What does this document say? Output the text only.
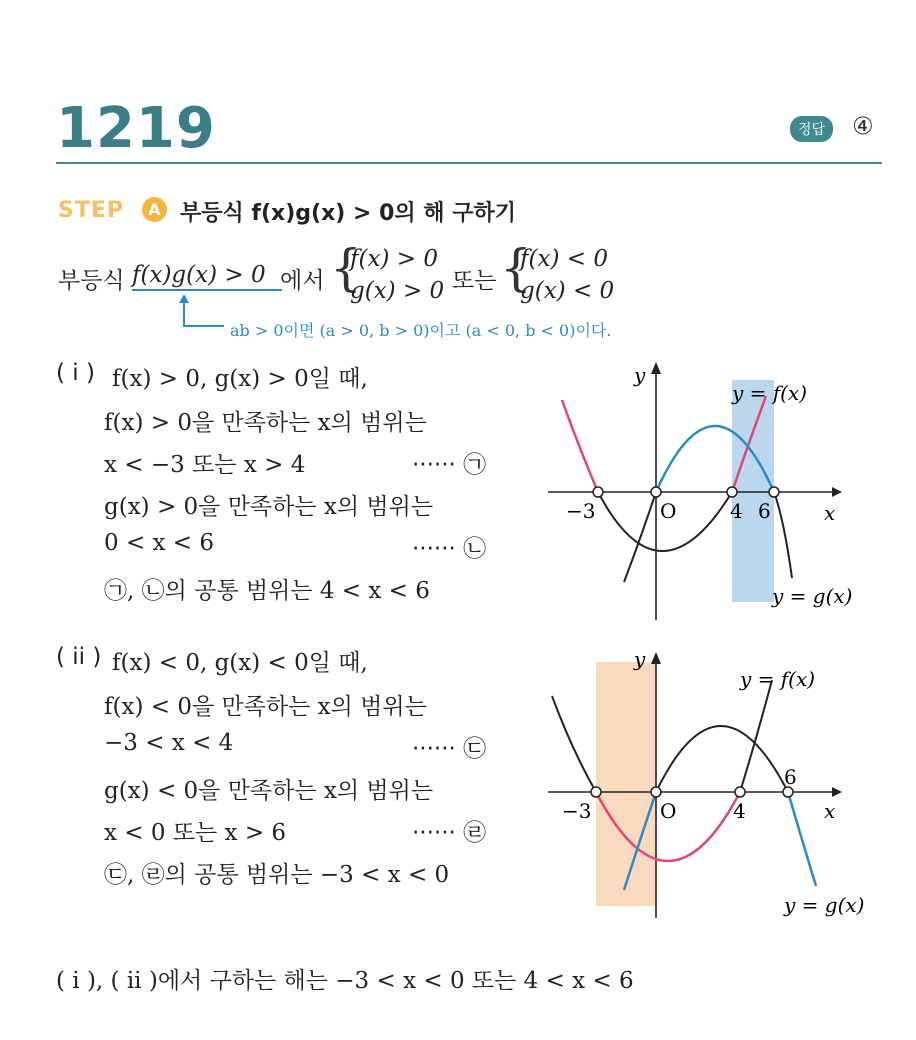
1219	정답	④
STEP	A 부등식 f(x)g(x) > 0의 해 구하기
부등식 f(x)g(x) > 0 에서 {
f(x) > 0
g(x) > 0 또는 {
f(x) < 0
g(x) < 0
ab > 0이면 (a > 0, b > 0)이고 (a < 0, b < 0)이다.
( i ) f(x) > 0, g(x) > 0일 때,
f(x) > 0을 만족하는 x의 범위는
x < −3 또는 x > 4	······ ㉠
g(x) > 0을 만족하는 x의 범위는
0 < x < 6	······ ㉡
㉠, ㉡의 공통 범위는 4 < x < 6
( ii ) f(x) < 0, g(x) < 0일 때,
f(x) < 0을 만족하는 x의 범위는
−3 < x < 4	······ ㉢
g(x) < 0을 만족하는 x의 범위는
x < 0 또는 x > 6	······ ㉣
㉢, ㉣의 공통 범위는 −3 < x < 0
( i ), ( ii )에서 구하는 해는 −3 < x < 0 또는 4 < x < 6
y
x
O
−3	4 6
y = f(x)
y = g(x)
y
x
O
−3	4
6
y = f(x)
y = g(x)
